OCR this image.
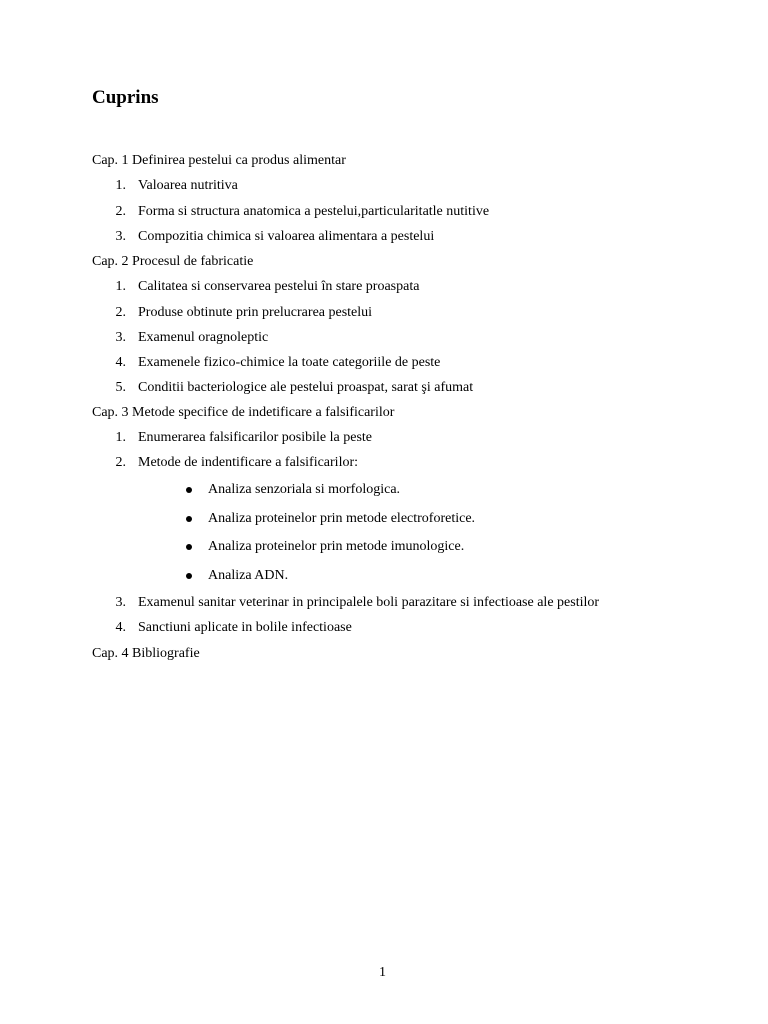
Cuprins
Cap. 1 Definirea pestelui ca produs alimentar
1. Valoarea nutritiva
2. Forma si structura anatomica a pestelui,particularitatle nutitive
3. Compozitia chimica si valoarea alimentara a pestelui
Cap. 2 Procesul de fabricatie
1. Calitatea si conservarea pestelui în stare proaspata
2. Produse obtinute prin prelucrarea pestelui
3. Examenul oragnoleptic
4. Examenele fizico-chimice la toate categoriile de peste
5. Conditii bacteriologice ale pestelui proaspat, sarat şi afumat
Cap. 3 Metode specifice de indetificare a falsificarilor
1. Enumerarea falsificarilor posibile la peste
2. Metode de indentificare a falsificarilor:
Analiza senzoriala si morfologica.
Analiza proteinelor prin metode electroforetice.
Analiza proteinelor prin metode imunologice.
Analiza ADN.
3. Examenul sanitar veterinar in principalele boli parazitare si infectioase ale pestilor
4. Sanctiuni aplicate in bolile infectioase
Cap. 4 Bibliografie
1
